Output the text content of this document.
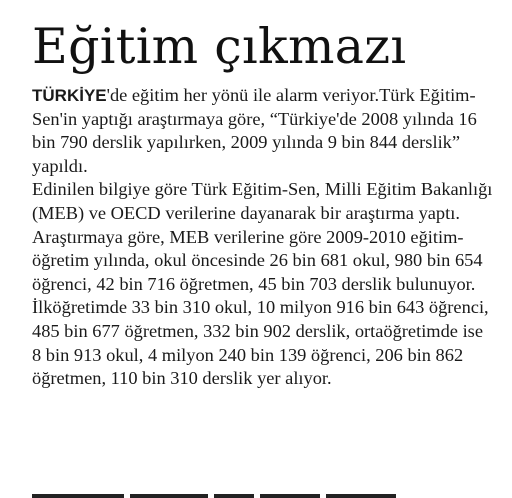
Eğitim çıkmazı

TÜRKİYE'de eğitim her yönü ile alarm veriyor.Türk Eğitim-Sen'in yaptığı araştırmaya göre, “Türkiye'de 2008 yılında 16 bin 790 derslik yapılırken, 2009 yılında 9 bin 844 derslik” yapıldı.

Edinilen bilgiye göre Türk Eğitim-Sen, Milli Eğitim Bakanlığı (MEB) ve OECD verilerine dayanarak bir araştırma yaptı. Araştırmaya göre, MEB verilerine göre 2009-2010 eğitim-öğretim yılında, okul öncesinde 26 bin 681 okul, 980 bin 654 öğrenci, 42 bin 716 öğretmen, 45 bin 703 derslik bulunuyor. İlköğretimde 33 bin 310 okul, 10 milyon 916 bin 643 öğrenci, 485 bin 677 öğretmen, 332 bin 902 derslik, ortaöğretimde ise 8 bin 913 okul, 4 milyon 240 bin 139 öğrenci, 206 bin 862 öğretmen, 110 bin 310 derslik yer alıyor.
